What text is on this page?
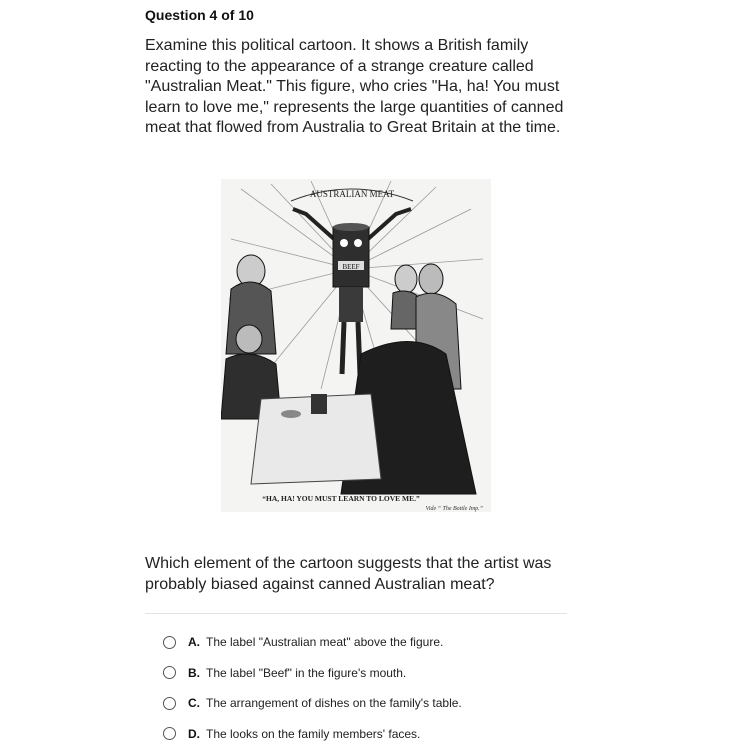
Question 4 of 10
Examine this political cartoon. It shows a British family reacting to the appearance of a strange creature called "Australian Meat." This figure, who cries "Ha, ha! You must learn to love me," represents the large quantities of canned meat that flowed from Australia to Great Britain at the time.
AUSTRALIAN MEAT
BEEF
“HA, HA! YOU MUST LEARN TO LOVE ME.”
Vide “ The Bottle Imp.”
Which element of the cartoon suggests that the artist was probably biased against canned Australian meat?
A. The label "Australian meat" above the figure.
B. The label "Beef" in the figure's mouth.
C. The arrangement of dishes on the family's table.
D. The looks on the family members' faces.
